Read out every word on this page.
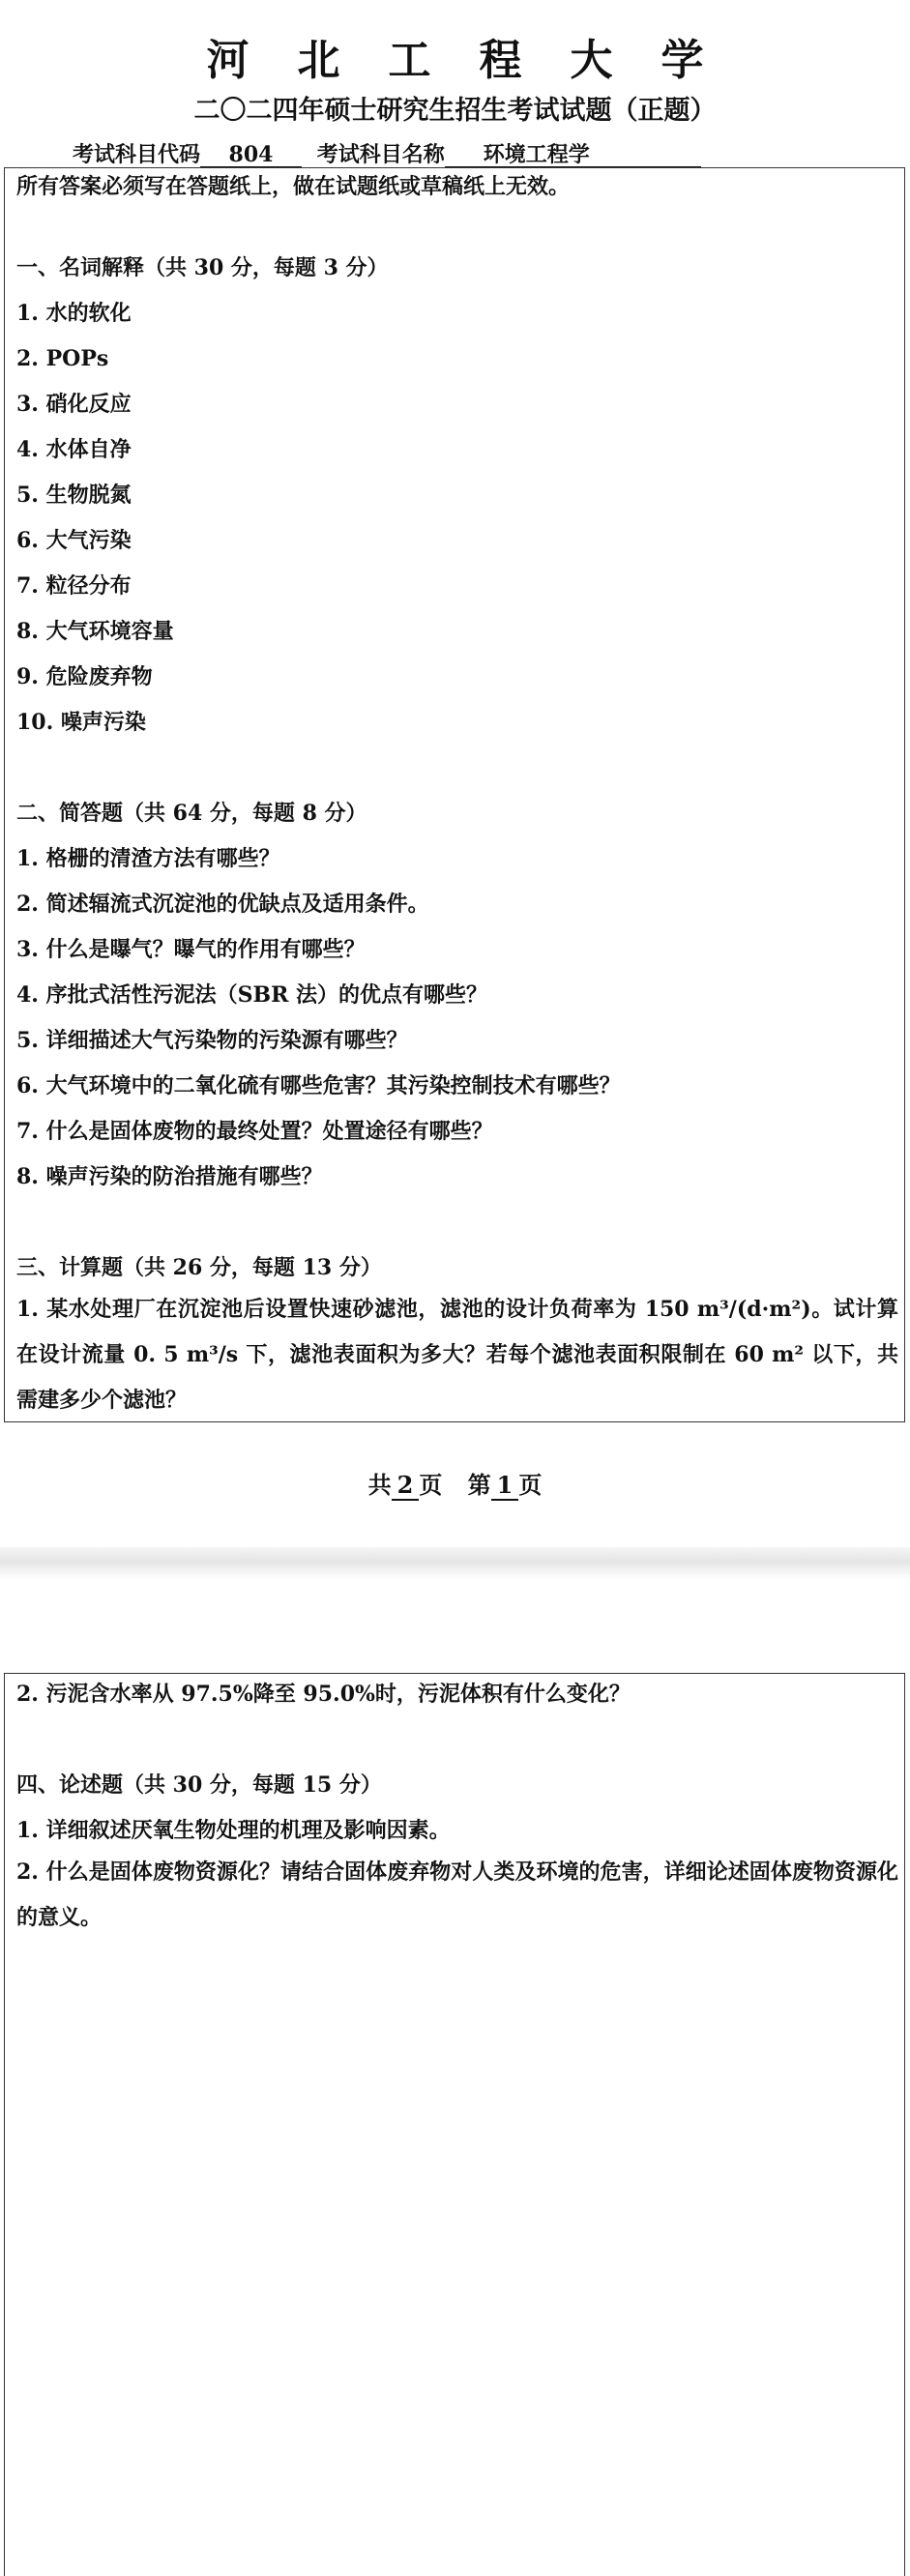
河北工程大学
二〇二四年硕士研究生招生考试试题（正题）
考试科目代码 804 考试科目名称 环境工程学
所有答案必须写在答题纸上，做在试题纸或草稿纸上无效。
一、名词解释（共 30 分，每题 3 分）
1. 水的软化
2. POPs
3. 硝化反应
4. 水体自净
5. 生物脱氮
6. 大气污染
7. 粒径分布
8. 大气环境容量
9. 危险废弃物
10. 噪声污染
二、简答题（共 64 分，每题 8 分）
1. 格栅的清渣方法有哪些？
2. 简述辐流式沉淀池的优缺点及适用条件。
3. 什么是曝气？曝气的作用有哪些？
4. 序批式活性污泥法（SBR 法）的优点有哪些？
5. 详细描述大气污染物的污染源有哪些？
6. 大气环境中的二氧化硫有哪些危害？其污染控制技术有哪些？
7. 什么是固体废物的最终处置？处置途径有哪些？
8. 噪声污染的防治措施有哪些？
三、计算题（共 26 分，每题 13 分）
1. 某水处理厂在沉淀池后设置快速砂滤池，滤池的设计负荷率为 150 m³/(d·m²)。试计算在设计流量 0. 5 m³/s 下，滤池表面积为多大？若每个滤池表面积限制在 60 m² 以下，共需建多少个滤池？
共 2 页 第 1 页
2. 污泥含水率从 97.5%降至 95.0%时，污泥体积有什么变化？
四、论述题（共 30 分，每题 15 分）
1. 详细叙述厌氧生物处理的机理及影响因素。
2. 什么是固体废物资源化？请结合固体废弃物对人类及环境的危害，详细论述固体废物资源化的意义。
